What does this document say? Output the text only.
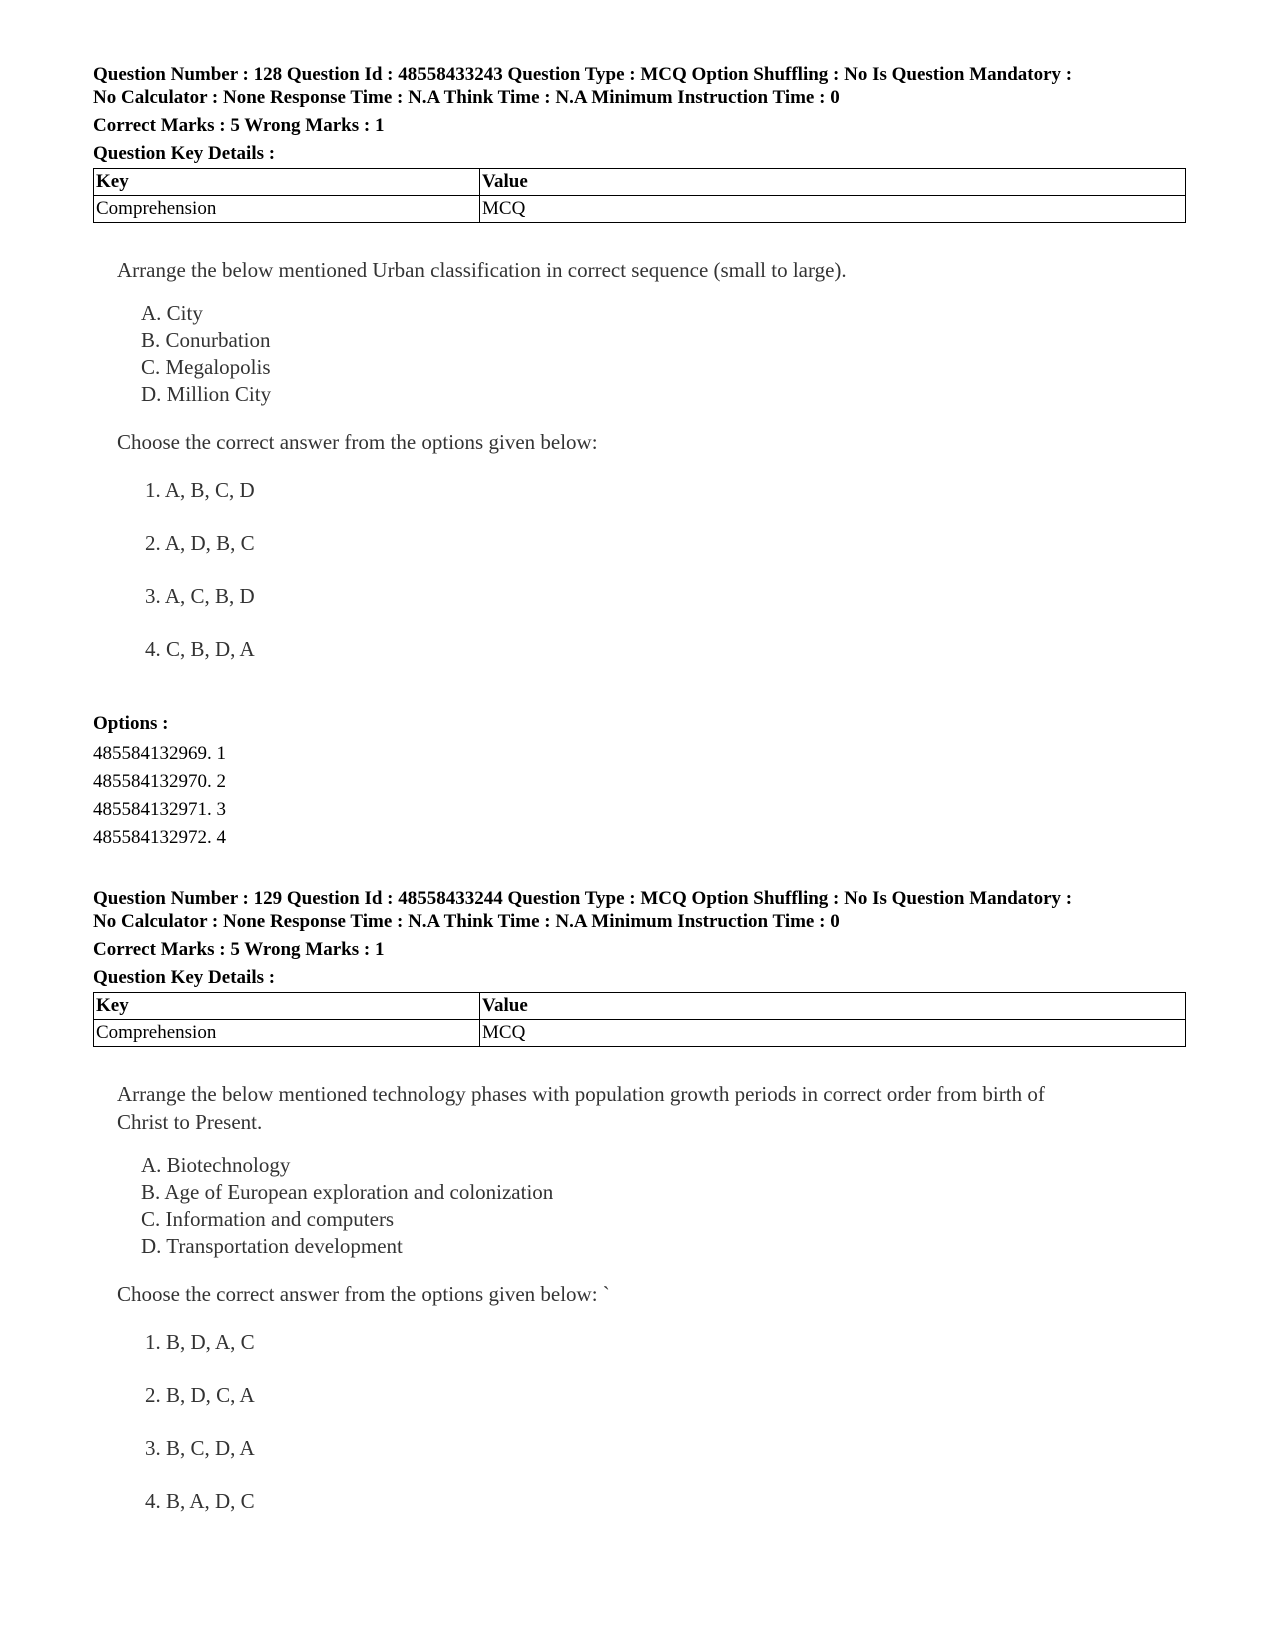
Question Number : 128 Question Id : 48558433243 Question Type : MCQ Option Shuffling : No Is Question Mandatory :

No Calculator : None Response Time : N.A Think Time : N.A Minimum Instruction Time : 0

Correct Marks : 5 Wrong Marks : 1
Question Key Details :
Key	Value
Comprehension	MCQ

Arrange the below mentioned Urban classification in correct sequence (small to large).

A. City
B. Conurbation
C. Megalopolis
D. Million City
Choose the correct answer from the options given below:
1. A, B, C, D
2. A, D, B, C
3. A, C, B, D
4. C, B, D, A
Options :
485584132969. 1
485584132970. 2
485584132971. 3
485584132972. 4

Question Number : 129 Question Id : 48558433244 Question Type : MCQ Option Shuffling : No Is Question Mandatory :

No Calculator : None Response Time : N.A Think Time : N.A Minimum Instruction Time : 0

Correct Marks : 5 Wrong Marks : 1
Question Key Details :
Key	Value
Comprehension	MCQ

Arrange the below mentioned technology phases with population growth periods in correct order from birth of

Christ to Present.

A. Biotechnology
B. Age of European exploration and colonization
C. Information and computers
D. Transportation development
Choose the correct answer from the options given below: `
1. B, D, A, C
2. B, D, C, A
3. B, C, D, A
4. B, A, D, C
